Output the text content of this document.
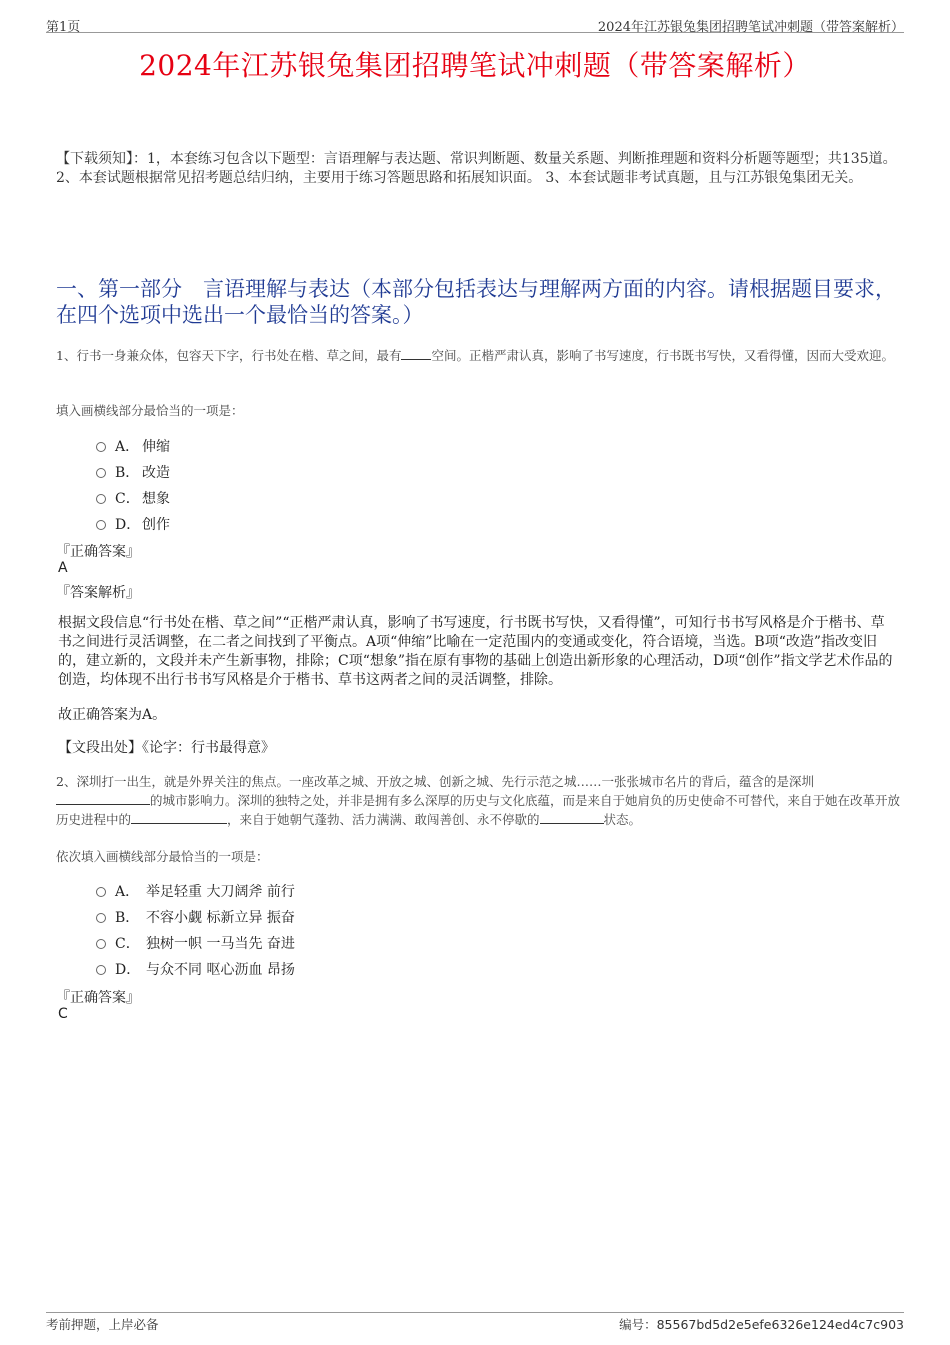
第1页	2024年江苏银兔集团招聘笔试冲刺题（带答案解析）
2024年江苏银兔集团招聘笔试冲刺题（带答案解析）
【下载须知】：1，本套练习包含以下题型：言语理解与表达题、常识判断题、数量关系题、判断推理题和资料分析题等题型；共135道。 2、本套试题根据常见招考题总结归纳，主要用于练习答题思路和拓展知识面。 3、本套试题非考试真题，且与江苏银兔集团无关。
一、第一部分　言语理解与表达（本部分包括表达与理解两方面的内容。请根据题目要求，在四个选项中选出一个最恰当的答案。）
1、行书一身兼众体，包容天下字，行书处在楷、草之间，最有 空间。正楷严肃认真，影响了书写速度，行书既书写快，又看得懂，因而大受欢迎。
填入画横线部分最恰当的一项是：
A． 伸缩
B． 改造
C． 想象
D． 创作
『正确答案』
A
『答案解析』
根据文段信息“行书处在楷、草之间”“正楷严肃认真，影响了书写速度，行书既书写快，又看得懂”，可知行书书写风格是介于楷书、草书之间进行灵活调整，在二者之间找到了平衡点。A项“伸缩”比喻在一定范围内的变通或变化，符合语境，当选。B项“改造”指改变旧的，建立新的，文段并未产生新事物，排除；C项“想象”指在原有事物的基础上创造出新形象的心理活动，D项“创作”指文学艺术作品的创造，均体现不出行书书写风格是介于楷书、草书这两者之间的灵活调整，排除。
故正确答案为A。
【文段出处】《论字：行书最得意》
2、深圳打一出生，就是外界关注的焦点。一座改革之城、开放之城、创新之城、先行示范之城……一张张城市名片的背后，蕴含的是深圳的城市影响力。深圳的独特之处，并非是拥有多么深厚的历史与文化底蕴，而是来自于她肩负的历史使命不可替代，来自于她在改革开放历史进程中的	，来自于她朝气蓬勃、活力满满、敢闯善创、永不停歇的	状态。
依次填入画横线部分最恰当的一项是：
A． 举足轻重 大刀阔斧 前行
B． 不容小觑 标新立异 振奋
C． 独树一帜 一马当先 奋进
D． 与众不同 呕心沥血 昂扬
『正确答案』
C
考前押题，上岸必备	编号：85567bd5d2e5efe6326e124ed4c7c903
